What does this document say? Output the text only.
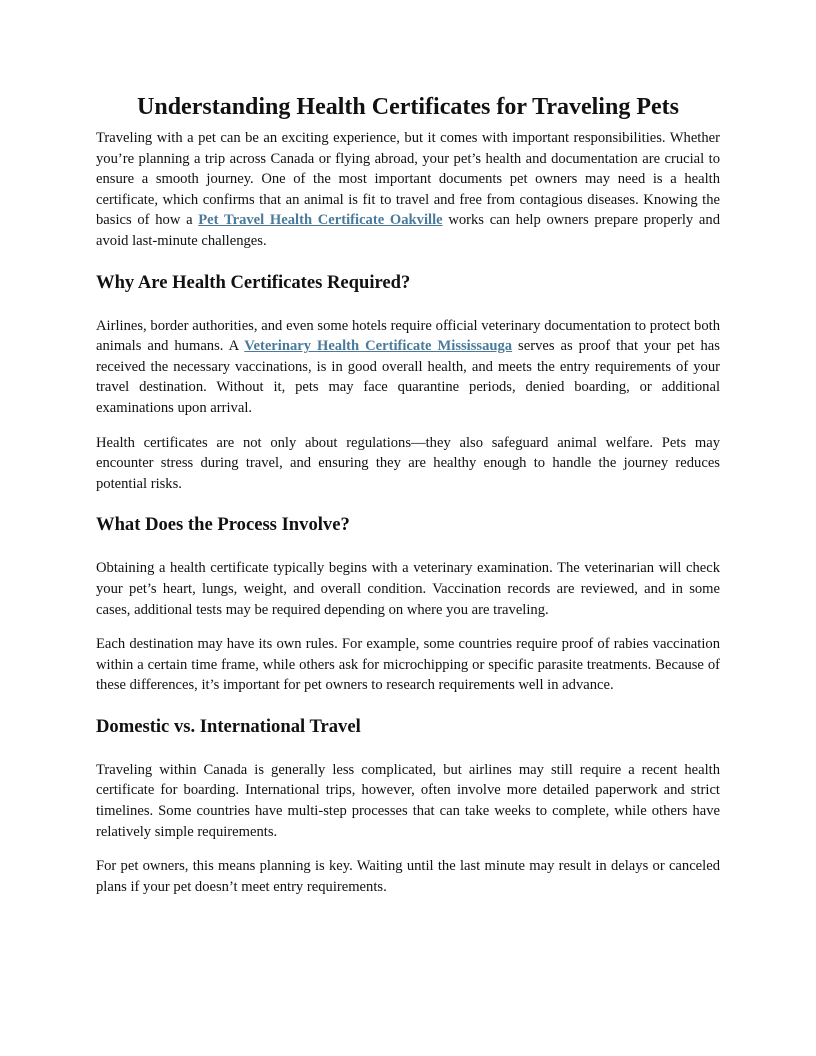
Understanding Health Certificates for Traveling Pets

Traveling with a pet can be an exciting experience, but it comes with important responsibilities. Whether you’re planning a trip across Canada or flying abroad, your pet’s health and documentation are crucial to ensure a smooth journey. One of the most important documents pet owners may need is a health certificate, which confirms that an animal is fit to travel and free from contagious diseases. Knowing the basics of how a Pet Travel Health Certificate Oakville works can help owners prepare properly and avoid last-minute challenges.

Why Are Health Certificates Required?

Airlines, border authorities, and even some hotels require official veterinary documentation to protect both animals and humans. A Veterinary Health Certificate Mississauga serves as proof that your pet has received the necessary vaccinations, is in good overall health, and meets the entry requirements of your travel destination. Without it, pets may face quarantine periods, denied boarding, or additional examinations upon arrival.

Health certificates are not only about regulations—they also safeguard animal welfare. Pets may encounter stress during travel, and ensuring they are healthy enough to handle the journey reduces potential risks.

What Does the Process Involve?

Obtaining a health certificate typically begins with a veterinary examination. The veterinarian will check your pet’s heart, lungs, weight, and overall condition. Vaccination records are reviewed, and in some cases, additional tests may be required depending on where you are traveling.

Each destination may have its own rules. For example, some countries require proof of rabies vaccination within a certain time frame, while others ask for microchipping or specific parasite treatments. Because of these differences, it’s important for pet owners to research requirements well in advance.

Domestic vs. International Travel

Traveling within Canada is generally less complicated, but airlines may still require a recent health certificate for boarding. International trips, however, often involve more detailed paperwork and strict timelines. Some countries have multi-step processes that can take weeks to complete, while others have relatively simple requirements.

For pet owners, this means planning is key. Waiting until the last minute may result in delays or canceled plans if your pet doesn’t meet entry requirements.
